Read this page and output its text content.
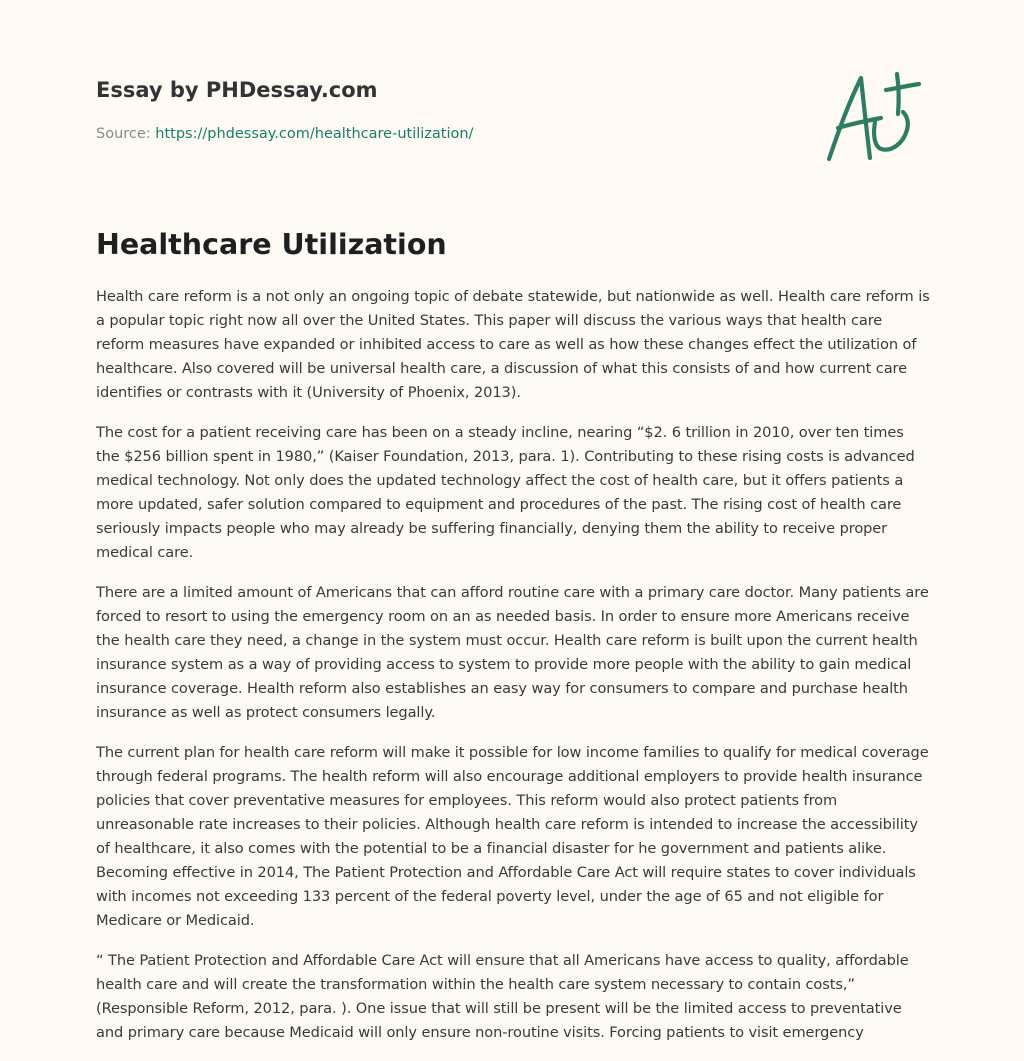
Essay by PHDessay.com
Source: https://phdessay.com/healthcare-utilization/
Healthcare Utilization

Health care reform is a not only an ongoing topic of debate statewide, but nationwide as well. Health care reform is a popular topic right now all over the United States. This paper will discuss the various ways that health care reform measures have expanded or inhibited access to care as well as how these changes effect the utilization of healthcare. Also covered will be universal health care, a discussion of what this consists of and how current care identifies or contrasts with it (University of Phoenix, 2013).

The cost for a patient receiving care has been on a steady incline, nearing “$2. 6 trillion in 2010, over ten times the $256 billion spent in 1980,” (Kaiser Foundation, 2013, para. 1). Contributing to these rising costs is advanced medical technology. Not only does the updated technology affect the cost of health care, but it offers patients a more updated, safer solution compared to equipment and procedures of the past. The rising cost of health care seriously impacts people who may already be suffering financially, denying them the ability to receive proper medical care.

There are a limited amount of Americans that can afford routine care with a primary care doctor. Many patients are forced to resort to using the emergency room on an as needed basis. In order to ensure more Americans receive the health care they need, a change in the system must occur. Health care reform is built upon the current health insurance system as a way of providing access to system to provide more people with the ability to gain medical insurance coverage. Health reform also establishes an easy way for consumers to compare and purchase health insurance as well as protect consumers legally.

The current plan for health care reform will make it possible for low income families to qualify for medical coverage through federal programs. The health reform will also encourage additional employers to provide health insurance policies that cover preventative measures for employees. This reform would also protect patients from unreasonable rate increases to their policies. Although health care reform is intended to increase the accessibility of healthcare, it also comes with the potential to be a financial disaster for he government and patients alike. Becoming effective in 2014, The Patient Protection and Affordable Care Act will require states to cover individuals with incomes not exceeding 133 percent of the federal poverty level, under the age of 65 and not eligible for Medicare or Medicaid.

“ The Patient Protection and Affordable Care Act will ensure that all Americans have access to quality, affordable health care and will create the transformation within the health care system necessary to contain costs,” (Responsible Reform, 2012, para. ). One issue that will still be present will be the limited access to preventative and primary care because Medicaid will only ensure non-routine visits. Forcing patients to visit emergency
